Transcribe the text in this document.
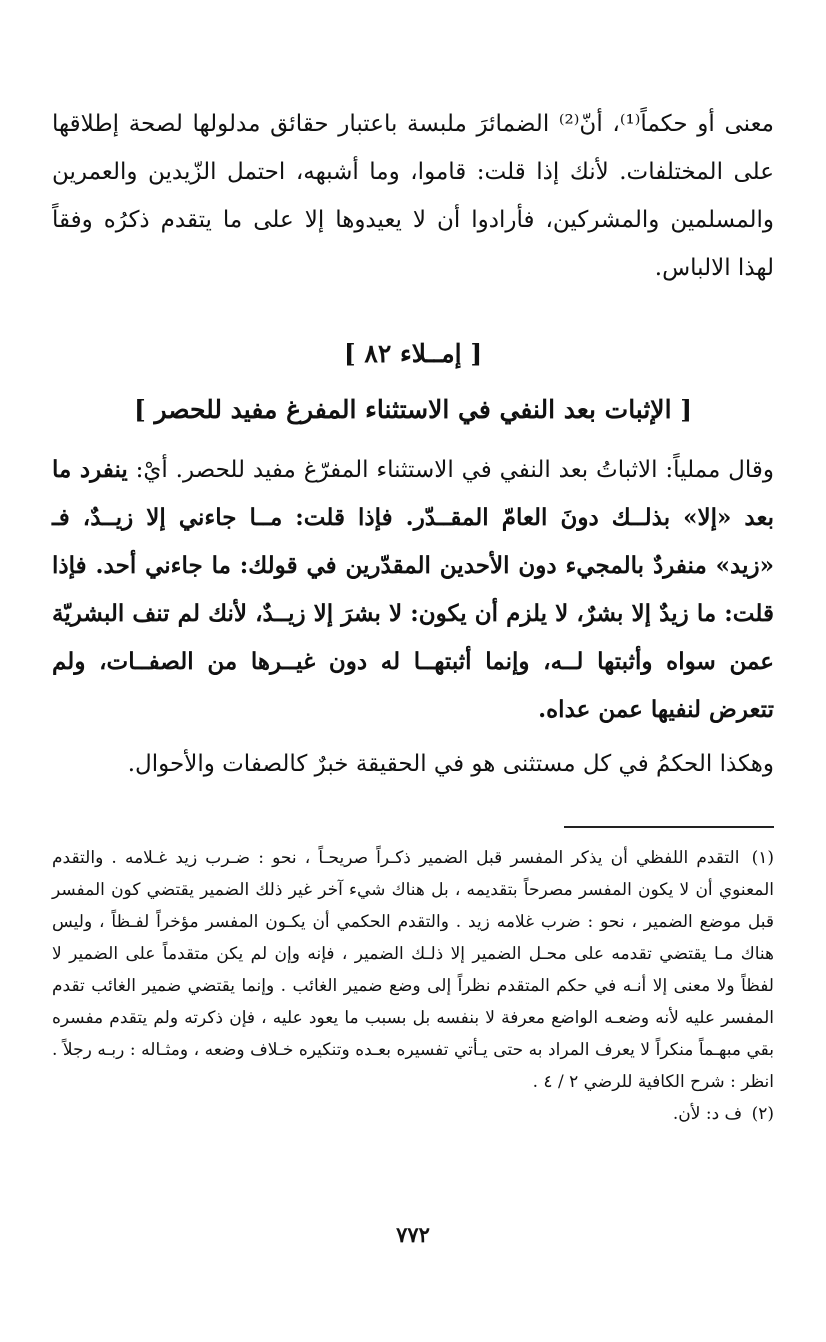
معنى أو حكماً⁽¹⁾، أنّ⁽²⁾ الضمائرَ ملبسة باعتبار حقائق مدلولها لصحة إطلاقها على المختلفات. لأنك إذا قلت: قاموا، وما أشبهه، احتمل الزّيدين والعمرين والمسلمين والمشركين، فأرادوا أن لا يعيدوها إلا على ما يتقدم ذكرُه وفقاً لهذا الالباس.

[ إمــلاء ٨٢ ]
[ الإثبات بعد النفي في الاستثناء المفرغ مفيد للحصر ]

وقال مملياً: الاثباتُ بعد النفي في الاستثناء المفرّغ مفيد للحصر. أيْ: ينفرد ما بعد «إلا» بذلــك دونَ العامّ المقــدّر. فإذا قلت: مــا جاءني إلا زيــدٌ، فـ «زيد» منفردٌ بالمجيء دون الأحدين المقدّرين في قولك: ما جاءني أحد. فإذا قلت: ما زيدٌ إلا بشرٌ، لا يلزم أن يكون: لا بشرَ إلا زيــدٌ، لأنك لم تنف البشريّة عمن سواه وأثبتها لــه، وإنما أثبتهــا له دون غيــرها من الصفــات، ولم تتعرض لنفيها عمن عداه.

وهكذا الحكمُ في كل مستثنى هو في الحقيقة خبرٌ كالصفات والأحوال.

(١) التقدم اللفظي أن يذكر المفسر قبل الضمير ذكـراً صريحـاً ، نحو : ضـرب زيد غـلامه . والتقدم المعنوي أن لا يكون المفسر مصرحاً بتقديمه ، بل هناك شيء آخر غير ذلك الضمير يقتضي كون المفسر قبل موضع الضمير ، نحو : ضرب غلامه زيد . والتقدم الحكمي أن يكـون المفسر مؤخراً لفـظاً ، وليس هناك مـا يقتضي تقدمه على محـل الضمير إلا ذلـك الضمير ، فإنه وإن لم يكن متقدماً على الضمير لا لفظاً ولا معنى إلا أنـه في حكم المتقدم نظراً إلى وضع ضمير الغائب . وإنما يقتضي ضمير الغائب تقدم المفسر عليه لأنه وضعـه الواضع معرفة لا بنفسه بل بسبب ما يعود عليه ، فإن ذكرته ولم يتقدم مفسره بقي مبهـماً منكراً لا يعرف المراد به حتى يـأتي تفسيره بعـده وتنكيره خـلاف وضعه ، ومثـاله : ربـه رجلاً . انظر : شرح الكافية للرضي ٢ / ٤ .

(٢) ف د: لأن.

٧٧٢
